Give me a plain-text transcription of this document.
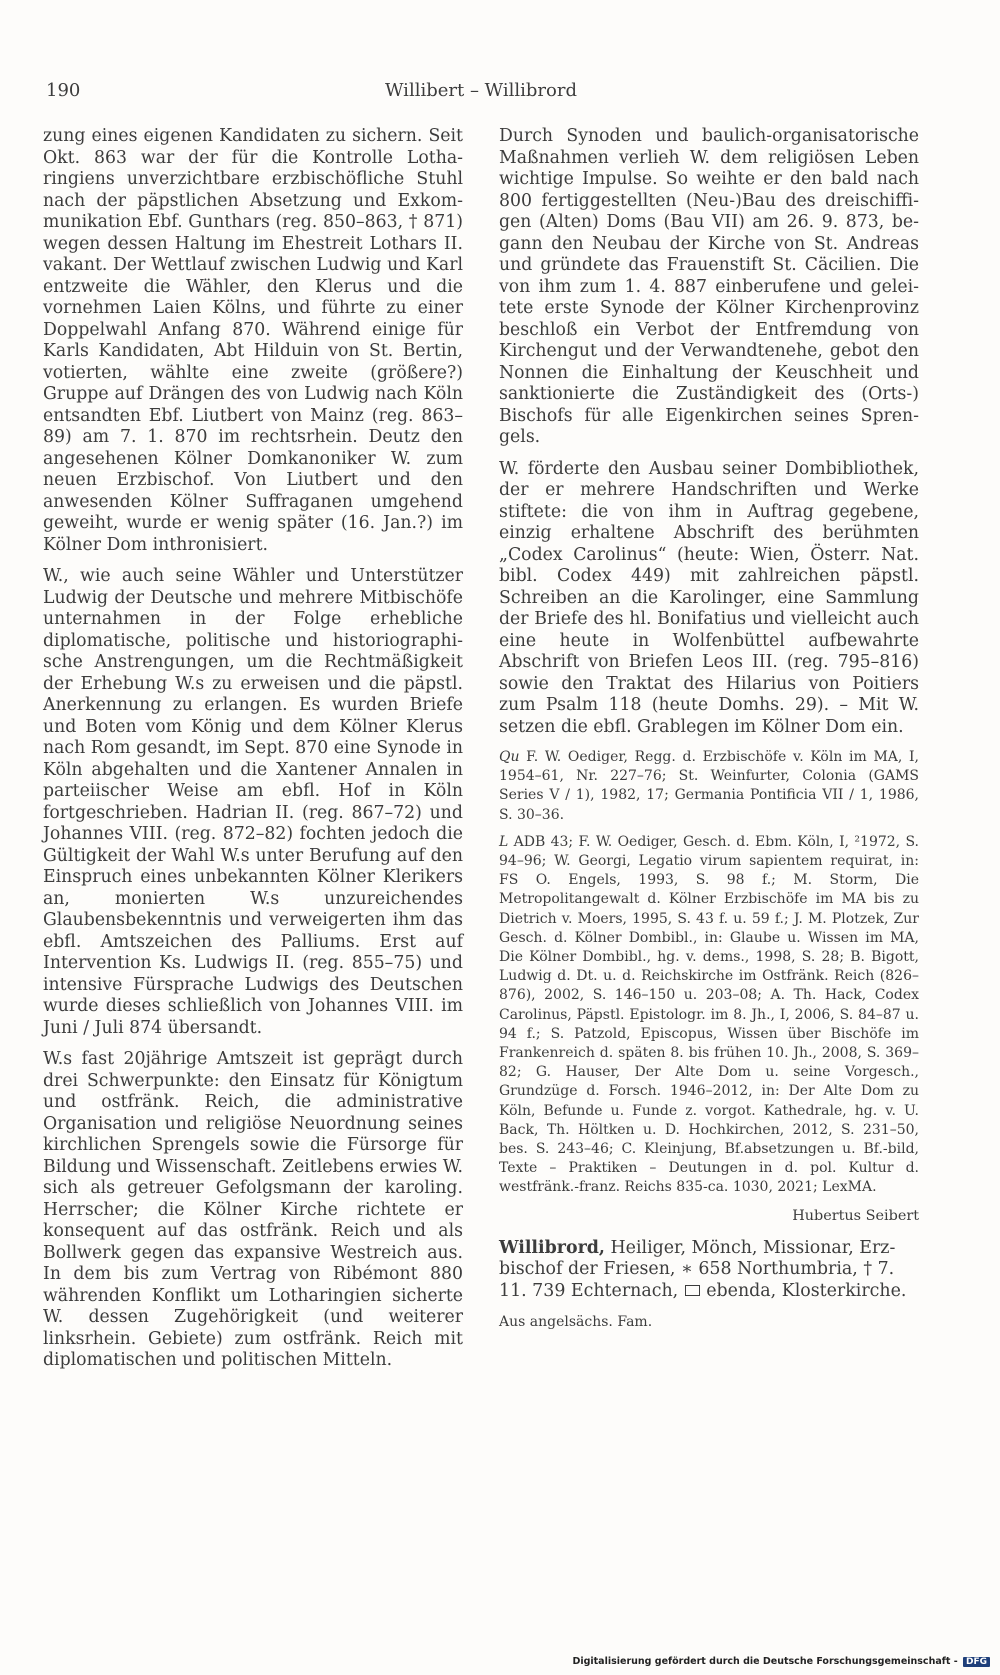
190	Willibert – Willibrord

zung eines eigenen Kandidaten zu sichern. Seit Okt. 863 war der für die Kontrolle Lotharingiens unverzichtbare erzbischöfliche Stuhl nach der päpstlichen Absetzung und Exkommunikation Ebf. Gunthars (reg. 850–863, † 871) wegen dessen Haltung im Ehestreit Lothars II. vakant. Der Wettlauf zwischen Ludwig und Karl entzweite die Wähler, den Klerus und die vornehmen Laien Kölns, und führte zu einer Doppelwahl Anfang 870. Während einige für Karls Kandidaten, Abt Hilduin von St. Bertin, votierten, wählte eine zweite (größere?) Gruppe auf Drängen des von Ludwig nach Köln entsandten Ebf. Liutbert von Mainz (reg. 863–89) am 7. 1. 870 im rechtsrhein. Deutz den angesehenen Kölner Domkanoniker W. zum neuen Erzbischof. Von Liutbert und den anwesenden Kölner Suffraganen umgehend geweiht, wurde er wenig später (16. Jan.?) im Kölner Dom inthronisiert.

W., wie auch seine Wähler und Unterstützer Ludwig der Deutsche und mehrere Mitbischöfe unternahmen in der Folge erhebliche diplomatische, politische und historiographische Anstrengungen, um die Rechtmäßigkeit der Erhebung W.s zu erweisen und die päpstl. Anerkennung zu erlangen. Es wurden Briefe und Boten vom König und dem Kölner Klerus nach Rom gesandt, im Sept. 870 eine Synode in Köln abgehalten und die Xantener Annalen in parteiischer Weise am ebfl. Hof in Köln fortgeschrieben. Hadrian II. (reg. 867–72) und Johannes VIII. (reg. 872–82) fochten jedoch die Gültigkeit der Wahl W.s unter Berufung auf den Einspruch eines unbekannten Kölner Klerikers an, monierten W.s unzureichendes Glaubensbekenntnis und verweigerten ihm das ebfl. Amtszeichen des Palliums. Erst auf Intervention Ks. Ludwigs II. (reg. 855–75) und intensive Fürsprache Ludwigs des Deutschen wurde dieses schließlich von Johannes VIII. im Juni / Juli 874 übersandt.

W.s fast 20jährige Amtszeit ist geprägt durch drei Schwerpunkte: den Einsatz für Königtum und ostfränk. Reich, die administrative Organisation und religiöse Neuordnung seines kirchlichen Sprengels sowie die Fürsorge für Bildung und Wissenschaft. Zeitlebens erwies W. sich als getreuer Gefolgsmann der karoling. Herrscher; die Kölner Kirche richtete er konsequent auf das ostfränk. Reich und als Bollwerk gegen das expansive Westreich aus. In dem bis zum Vertrag von Ribémont 880 währenden Konflikt um Lotharingien sicherte W. dessen Zugehörigkeit (und weiterer linksrhein. Gebiete) zum ostfränk. Reich mit diplomatischen und politischen Mitteln.

Durch Synoden und baulich-organisatorische Maßnahmen verlieh W. dem religiösen Leben wichtige Impulse. So weihte er den bald nach 800 fertiggestellten (Neu-)Bau des dreischiffigen (Alten) Doms (Bau VII) am 26. 9. 873, begann den Neubau der Kirche von St. Andreas und gründete das Frauenstift St. Cäcilien. Die von ihm zum 1. 4. 887 einberufene und geleitete erste Synode der Kölner Kirchenprovinz beschloß ein Verbot der Entfremdung von Kirchengut und der Verwandtenehe, gebot den Nonnen die Einhaltung der Keuschheit und sanktionierte die Zuständigkeit des (Orts-) Bischofs für alle Eigenkirchen seines Sprengels.

W. förderte den Ausbau seiner Dombibliothek, der er mehrere Handschriften und Werke stiftete: die von ihm in Auftrag gegebene, einzig erhaltene Abschrift des berühmten „Codex Carolinus“ (heute: Wien, Österr. Nat. bibl. Codex 449) mit zahlreichen päpstl. Schreiben an die Karolinger, eine Sammlung der Briefe des hl. Bonifatius und vielleicht auch eine heute in Wolfenbüttel aufbewahrte Abschrift von Briefen Leos III. (reg. 795–816) sowie den Traktat des Hilarius von Poitiers zum Psalm 118 (heute Domhs. 29). – Mit W. setzen die ebfl. Grablegen im Kölner Dom ein.

Qu F. W. Oediger, Regg. d. Erzbischöfe v. Köln im MA, I, 1954–61, Nr. 227–76; St. Weinfurter, Colonia (GAMS Series V / 1), 1982, 17; Germania Pontificia VII / 1, 1986, S. 30–36.

L ADB 43; F. W. Oediger, Gesch. d. Ebm. Köln, I, ²1972, S. 94–96; W. Georgi, Legatio virum sapientem requirat, in: FS O. Engels, 1993, S. 98 f.; M. Storm, Die Metropolitangewalt d. Kölner Erzbischöfe im MA bis zu Dietrich v. Moers, 1995, S. 43 f. u. 59 f.; J. M. Plotzek, Zur Gesch. d. Kölner Dombibl., in: Glaube u. Wissen im MA, Die Kölner Dombibl., hg. v. dems., 1998, S. 28; B. Bigott, Ludwig d. Dt. u. d. Reichskirche im Ostfränk. Reich (826–876), 2002, S. 146–150 u. 203–08; A. Th. Hack, Codex Carolinus, Päpstl. Epistologr. im 8. Jh., I, 2006, S. 84–87 u. 94 f.; S. Patzold, Episcopus, Wissen über Bischöfe im Frankenreich d. späten 8. bis frühen 10. Jh., 2008, S. 369–82; G. Hauser, Der Alte Dom u. seine Vorgesch., Grundzüge d. Forsch. 1946–2012, in: Der Alte Dom zu Köln, Befunde u. Funde z. vorgot. Kathedrale, hg. v. U. Back, Th. Höltken u. D. Hochkirchen, 2012, S. 231–50, bes. S. 243–46; C. Kleinjung, Bf.absetzungen u. Bf.-bild, Texte – Praktiken – Deutungen in d. pol. Kultur d. westfränk.-franz. Reichs 835-ca. 1030, 2021; LexMA.

Hubertus Seibert

Willibrord, Heiliger, Mönch, Missionar, Erzbischof der Friesen, ∗ 658 Northumbria, † 7. 11. 739 Echternach,  ebenda, Klosterkirche.

Aus angelsächs. Fam.
Digitalisierung gefördert durch die Deutsche Forschungsgemeinschaft - DFG
